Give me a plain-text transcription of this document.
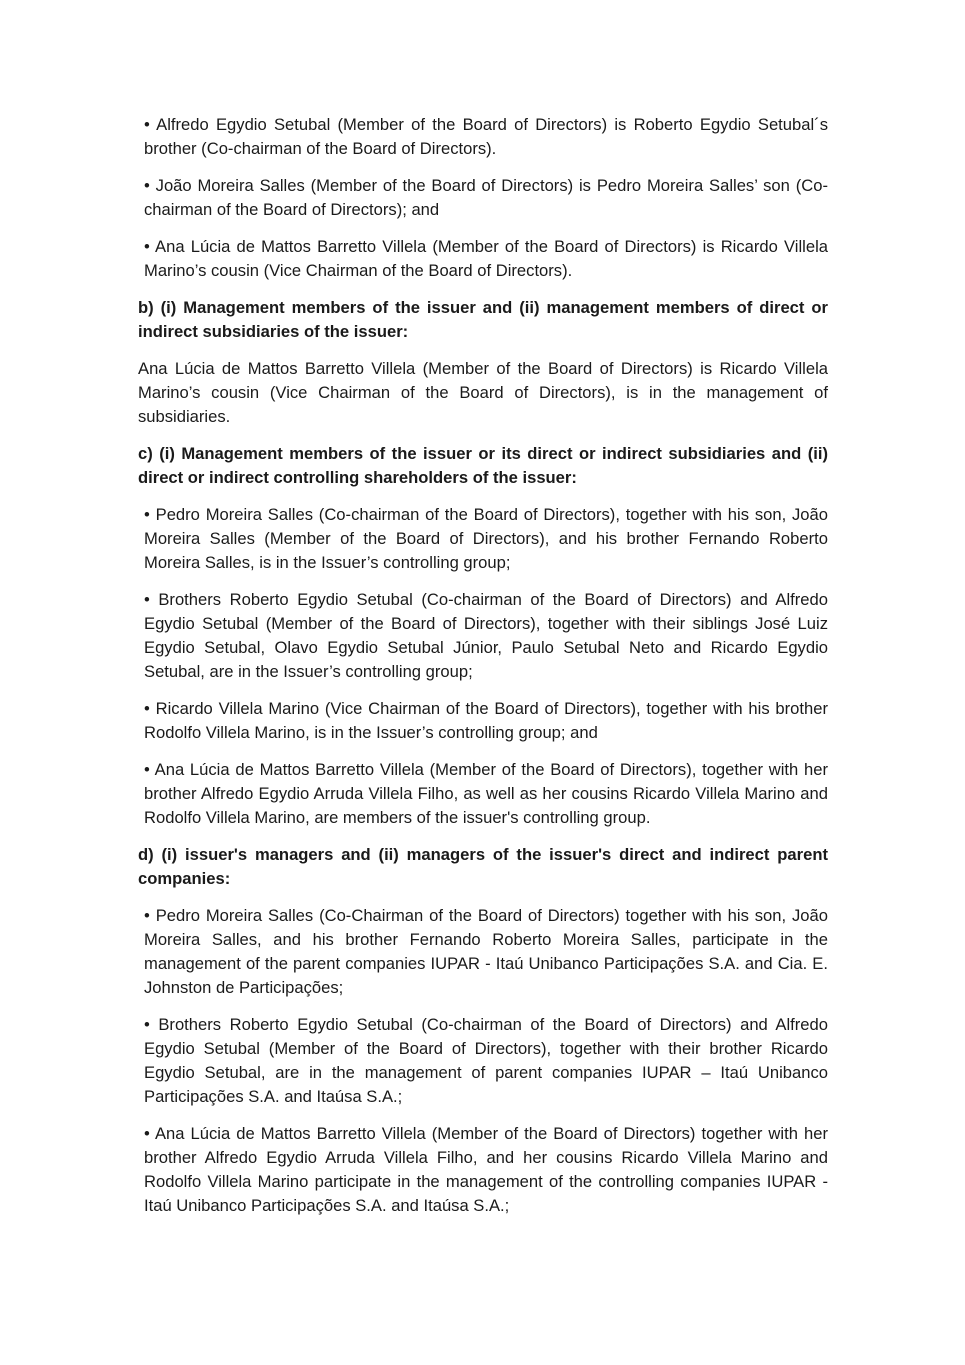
• Alfredo Egydio Setubal (Member of the Board of Directors) is Roberto Egydio Setubal´s brother (Co-chairman of the Board of Directors).

• João Moreira Salles (Member of the Board of Directors) is Pedro Moreira Salles’ son (Co-chairman of the Board of Directors); and

• Ana Lúcia de Mattos Barretto Villela (Member of the Board of Directors) is Ricardo Villela Marino’s cousin (Vice Chairman of the Board of Directors).

b) (i) Management members of the issuer and (ii) management members of direct or indirect subsidiaries of the issuer:

Ana Lúcia de Mattos Barretto Villela (Member of the Board of Directors) is Ricardo Villela Marino’s cousin (Vice Chairman of the Board of Directors), is in the management of subsidiaries.

c) (i) Management members of the issuer or its direct or indirect subsidiaries and (ii) direct or indirect controlling shareholders of the issuer:

• Pedro Moreira Salles (Co-chairman of the Board of Directors), together with his son, João Moreira Salles (Member of the Board of Directors), and his brother Fernando Roberto Moreira Salles, is in the Issuer’s controlling group;

• Brothers Roberto Egydio Setubal (Co-chairman of the Board of Directors) and Alfredo Egydio Setubal (Member of the Board of Directors), together with their siblings José Luiz Egydio Setubal, Olavo Egydio Setubal Júnior, Paulo Setubal Neto and Ricardo Egydio Setubal, are in the Issuer’s controlling group;

• Ricardo Villela Marino (Vice Chairman of the Board of Directors), together with his brother Rodolfo Villela Marino, is in the Issuer’s controlling group; and

• Ana Lúcia de Mattos Barretto Villela (Member of the Board of Directors), together with her brother Alfredo Egydio Arruda Villela Filho, as well as her cousins Ricardo Villela Marino and Rodolfo Villela Marino, are members of the issuer's controlling group.

d) (i) issuer's managers and (ii) managers of the issuer's direct and indirect parent companies:

• Pedro Moreira Salles (Co-Chairman of the Board of Directors) together with his son, João Moreira Salles, and his brother Fernando Roberto Moreira Salles, participate in the management of the parent companies IUPAR - Itaú Unibanco Participações S.A. and Cia. E. Johnston de Participações;

• Brothers Roberto Egydio Setubal (Co-chairman of the Board of Directors) and Alfredo Egydio Setubal (Member of the Board of Directors), together with their brother Ricardo Egydio Setubal, are in the management of parent companies IUPAR – Itaú Unibanco Participações S.A. and Itaúsa S.A.;

• Ana Lúcia de Mattos Barretto Villela (Member of the Board of Directors) together with her brother Alfredo Egydio Arruda Villela Filho, and her cousins Ricardo Villela Marino and Rodolfo Villela Marino participate in the management of the controlling companies IUPAR - Itaú Unibanco Participações S.A. and Itaúsa S.A.;
